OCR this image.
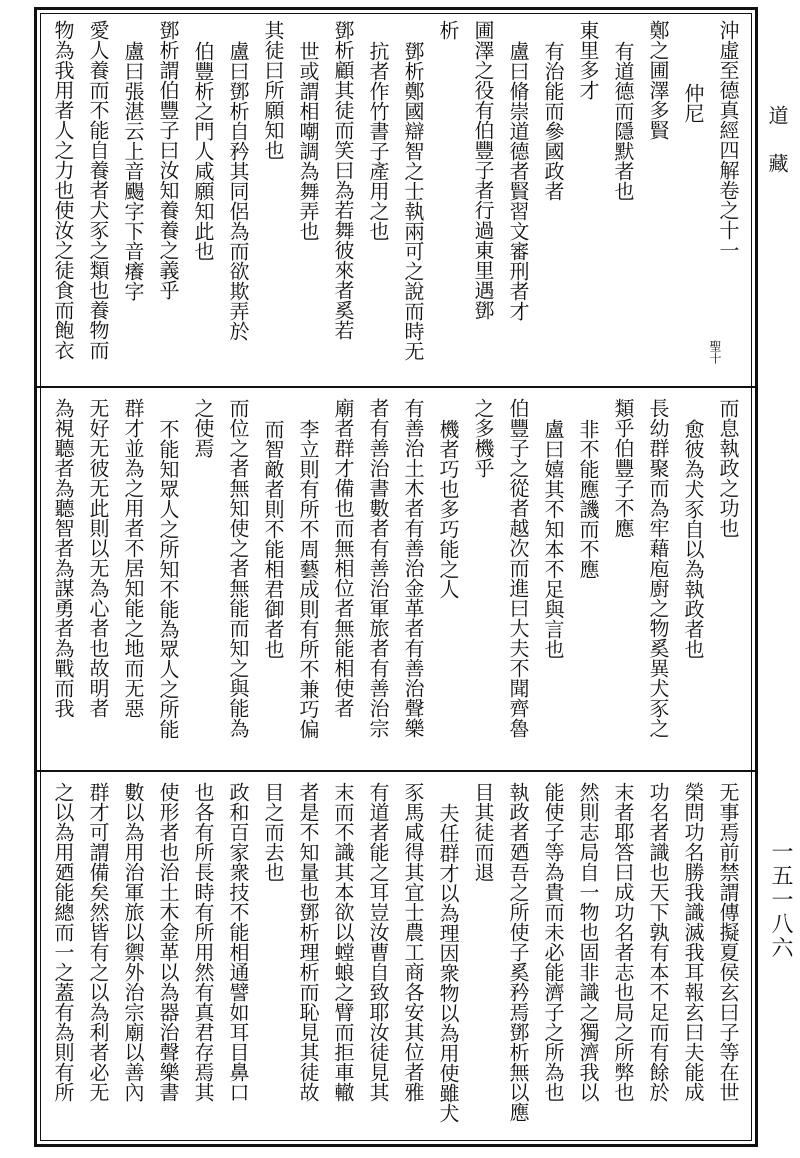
道藏
一五一八六
聖十
沖虛至德真經四解卷之十一
仲尼
鄭之圃澤多賢
有道德而隱默者也
東里多才
有治能而參國政者
盧曰脩崇道德者賢習文審刑者才
圃澤之役有伯豐子者行過東里遇鄧
析
鄧析鄭國辯智之士執兩可之說而時无
抗者作竹書子產用之也
鄧析顧其徒而笑曰為若舞彼來者奚若
世或謂相嘲調為舞弄也
其徒曰所願知也
盧曰鄧析自矜其同侶為而欲欺弄於
伯豐析之門人咸願知此也
鄧析謂伯豐子曰汝知養養之義乎
盧曰張湛云上音颺字下音癢字
愛人養而不能自養者犬豕之類也養物而
物為我用者人之力也使汝之徒食而飽衣
而息執政之功也
愈彼為犬豕自以為執政者也
長幼群聚而為牢藉庖廚之物奚異犬豕之
類乎伯豐子不應
非不能應譏而不應
盧曰嬉其不知本不足與言也
伯豐子之從者越次而進曰大夫不聞齊魯
之多機乎
機者巧也多巧能之人
有善治土木者有善治金革者有善治聲樂
者有善治書數者有善治軍旅者有善治宗
廟者群才備也而無相位者無能相使者
李立則有所不周藝成則有所不兼巧偏
而智敵者則不能相君御者也
而位之者無知使之者無能而知之與能為
之使焉
不能知眾人之所知不能為眾人之所能
群才並為之用者不居知能之地而无惡
无好无彼无此則以无為心者也故明者
為視聽者為聽智者為謀勇者為戰而我
无事焉前禁謂傳擬夏侯玄曰子等在世
榮問功名勝我識滅我耳報玄曰夫能成
功名者識也天下孰有本不足而有餘於
末者耶答曰成功名者志也局之所弊也
然則志局自一物也固非識之獨濟我以
能使子等為貴而未必能濟子之所為也
執政者廼吾之所使子奚矜焉鄧析無以應
目其徒而退
夫任群才以為理因衆物以為用使雖犬
豕馬咸得其宜士農工商各安其位者雅
有道者能之耳豈汝曹自致耶汝徒見其
末而不識其本欲以螳蜋之臂而拒車轍
者是不知量也鄧析理析而恥見其徒故
目之而去也
政和百家衆技不能相通譬如耳目鼻口
也各有所長時有所用然有真君存焉其
使形者也治土木金革以為器治聲樂書
數以為用治軍旅以禦外治宗廟以善內
群才可謂備矣然皆有之以為利者必无
之以為用廼能總而一之蓋有為則有所
